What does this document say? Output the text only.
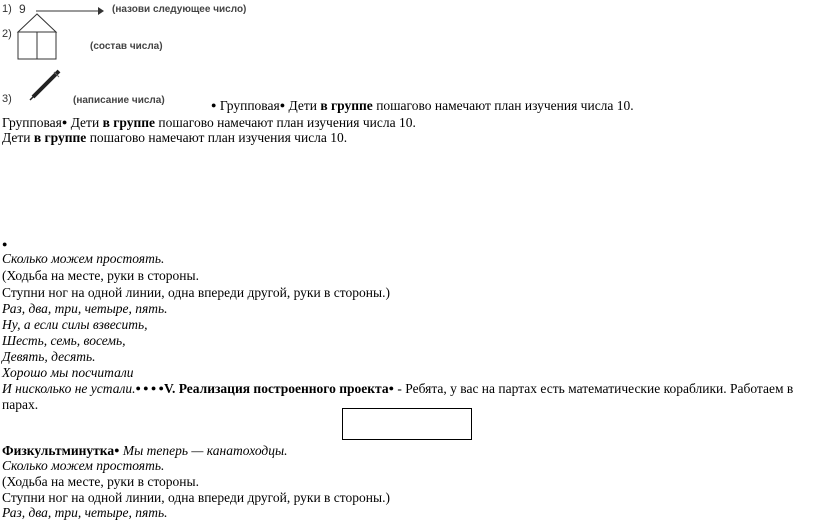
1) 9	(назови следующее число)
2)
(состав числа)
3)	(написание числа)	● Групповая● Дети в группе пошагово намечают план изучения числа 10.
Групповая● Дети в группе пошагово намечают план изучения числа 10.
Дети в группе пошагово намечают план изучения числа 10.
●
Сколько можем простоять.
(Ходьба на месте, руки в стороны.
Ступни ног на одной линии, одна впереди другой, руки в стороны.)
Раз, два, три, четыре, пять.
Ну, а если силы взвесить,
Шесть, семь, восемь,
Девять, десять.
Хорошо мы посчитали
И нисколько не устали.● ● ● ●V. Реализация построенного проекта● - Ребята, у вас на партах есть математические кораблики. Работаем в парах.
Физкультминутка● Мы теперь — канатоходцы.
Сколько можем простоять.
(Ходьба на месте, руки в стороны.
Ступни ног на одной линии, одна впереди другой, руки в стороны.)
Раз, два, три, четыре, пять.
